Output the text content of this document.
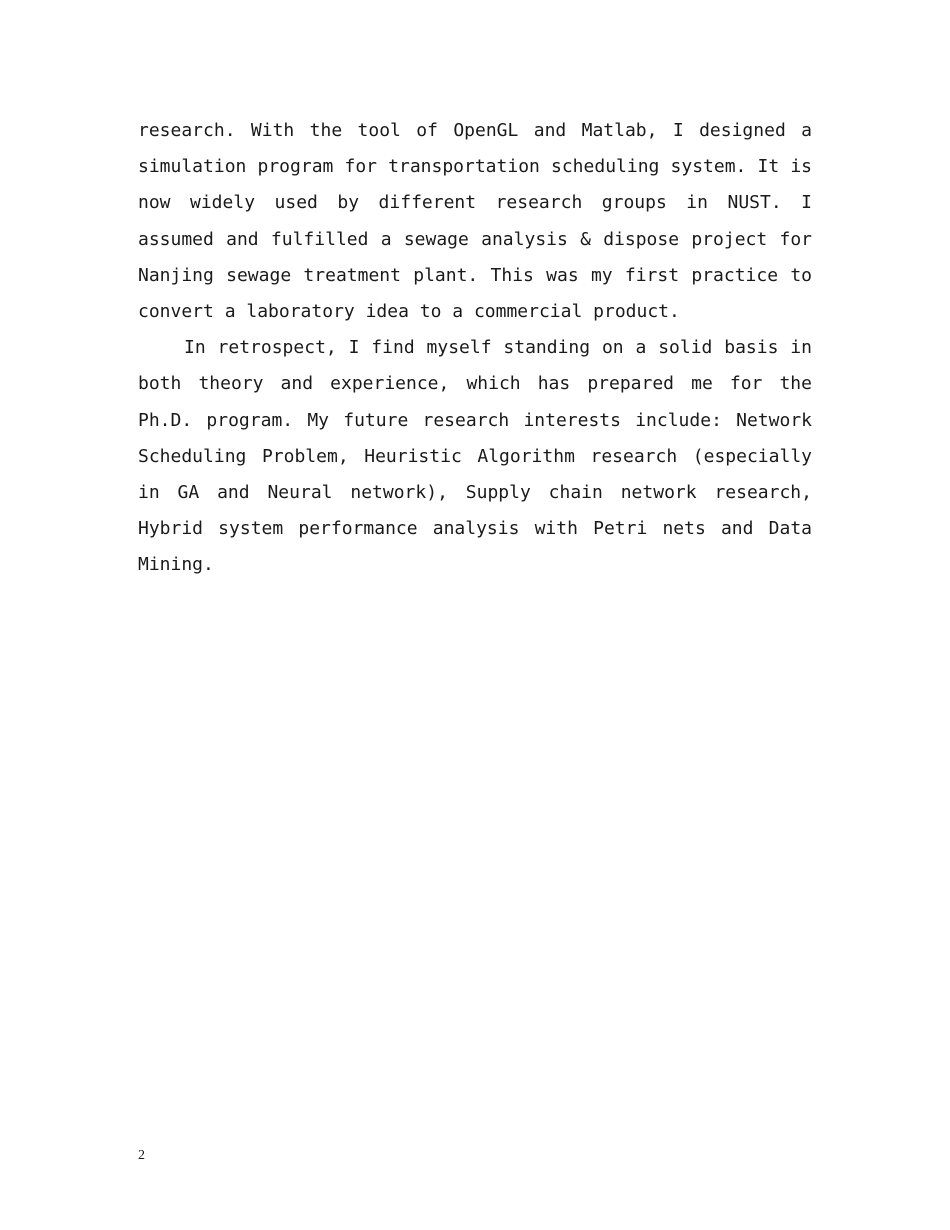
research. With the tool of OpenGL and Matlab, I designed a
simulation program for transportation scheduling system. It is
now widely used by different research groups in NUST. I
assumed and fulfilled a sewage analysis & dispose project for
Nanjing sewage treatment plant. This was my first practice to
convert a laboratory idea to a commercial product.

In retrospect, I find myself standing on a solid basis in
both theory and experience, which has prepared me for the
Ph.D. program. My future research interests include: Network
Scheduling Problem, Heuristic Algorithm research (especially
in GA and Neural network), Supply chain network research,
Hybrid system performance analysis with Petri nets and Data
Mining.

2
